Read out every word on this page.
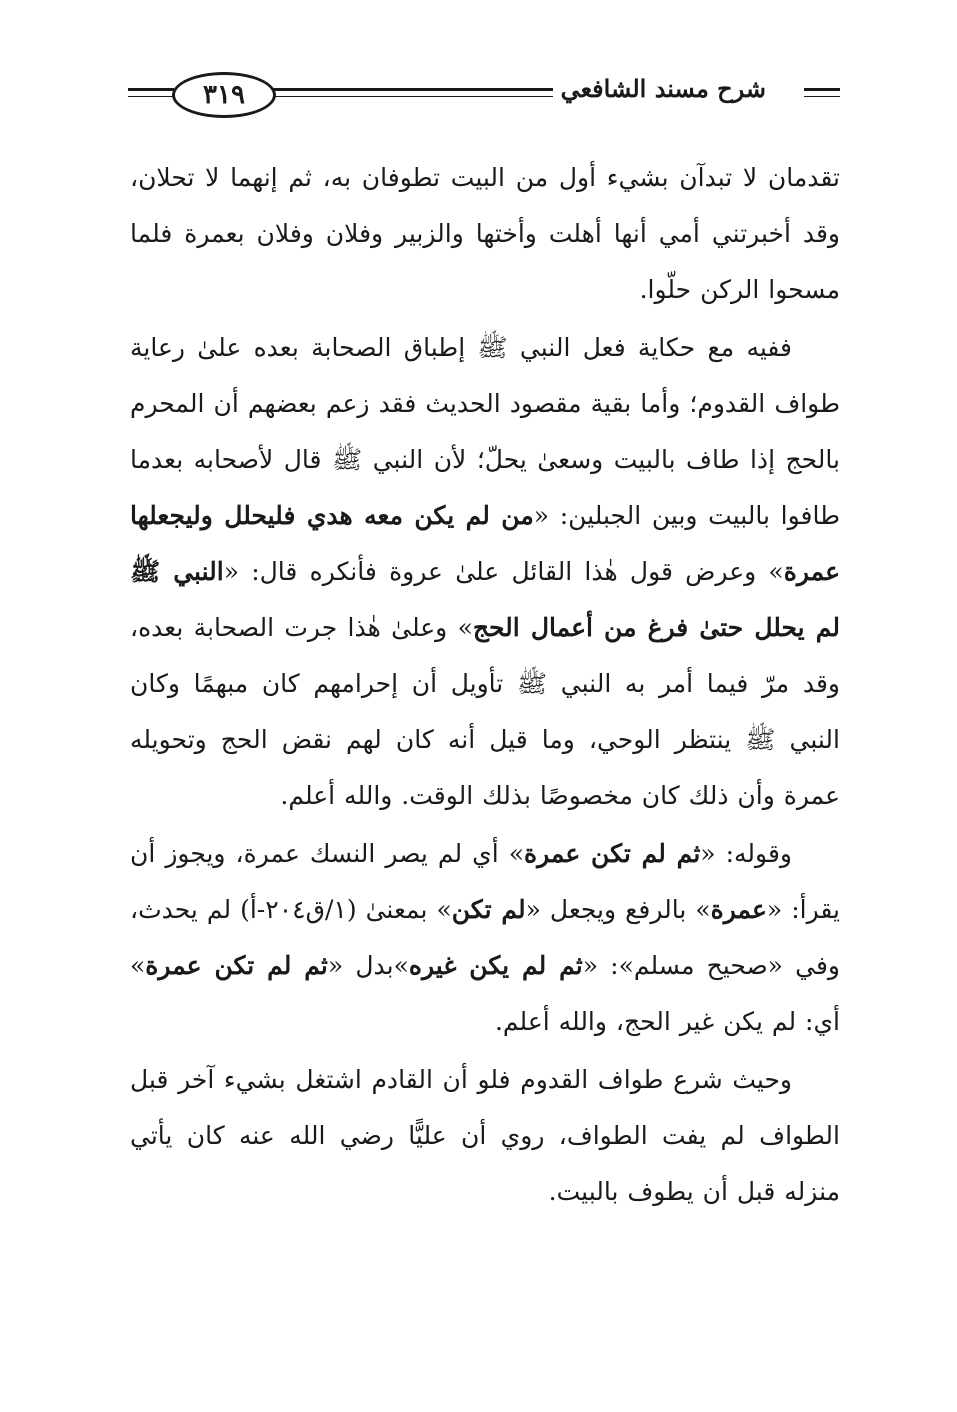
شرح مسند الشافعي
٣١٩

تقدمان لا تبدآن بشيء أول من البيت تطوفان به، ثم إنهما لا تحلان، وقد أخبرتني أمي أنها أهلت وأختها والزبير وفلان وفلان بعمرة فلما مسحوا الركن حلّوا.

ففيه مع حكاية فعل النبي ﷺ إطباق الصحابة بعده علىٰ رعاية طواف القدوم؛ وأما بقية مقصود الحديث فقد زعم بعضهم أن المحرم بالحج إذا طاف بالبيت وسعىٰ يحلّ؛ لأن النبي ﷺ قال لأصحابه بعدما طافوا بالبيت وبين الجبلين: «من لم يكن معه هدي فليحلل وليجعلها عمرة» وعرض قول هٰذا القائل علىٰ عروة فأنكره قال: «النبي ﷺ لم يحلل حتىٰ فرغ من أعمال الحج» وعلىٰ هٰذا جرت الصحابة بعده، وقد مرّ فيما أمر به النبي ﷺ تأويل أن إحرامهم كان مبهمًا وكان النبي ﷺ ينتظر الوحي، وما قيل أنه كان لهم نقض الحج وتحويله عمرة وأن ذلك كان مخصوصًا بذلك الوقت. والله أعلم.

وقوله: «ثم لم تكن عمرة» أي لم يصر النسك عمرة، ويجوز أن يقرأ: «عمرة» بالرفع ويجعل «لم تكن» بمعنىٰ (١/ق٢٠٤-أ) لم يحدث، وفي «صحيح مسلم»: «ثم لم يكن غيره»بدل «ثم لم تكن عمرة» أي: لم يكن غير الحج، والله أعلم.

وحيث شرع طواف القدوم فلو أن القادم اشتغل بشيء آخر قبل الطواف لم يفت الطواف، روي أن عليًّا رضي الله عنه كان يأتي منزله قبل أن يطوف بالبيت.
